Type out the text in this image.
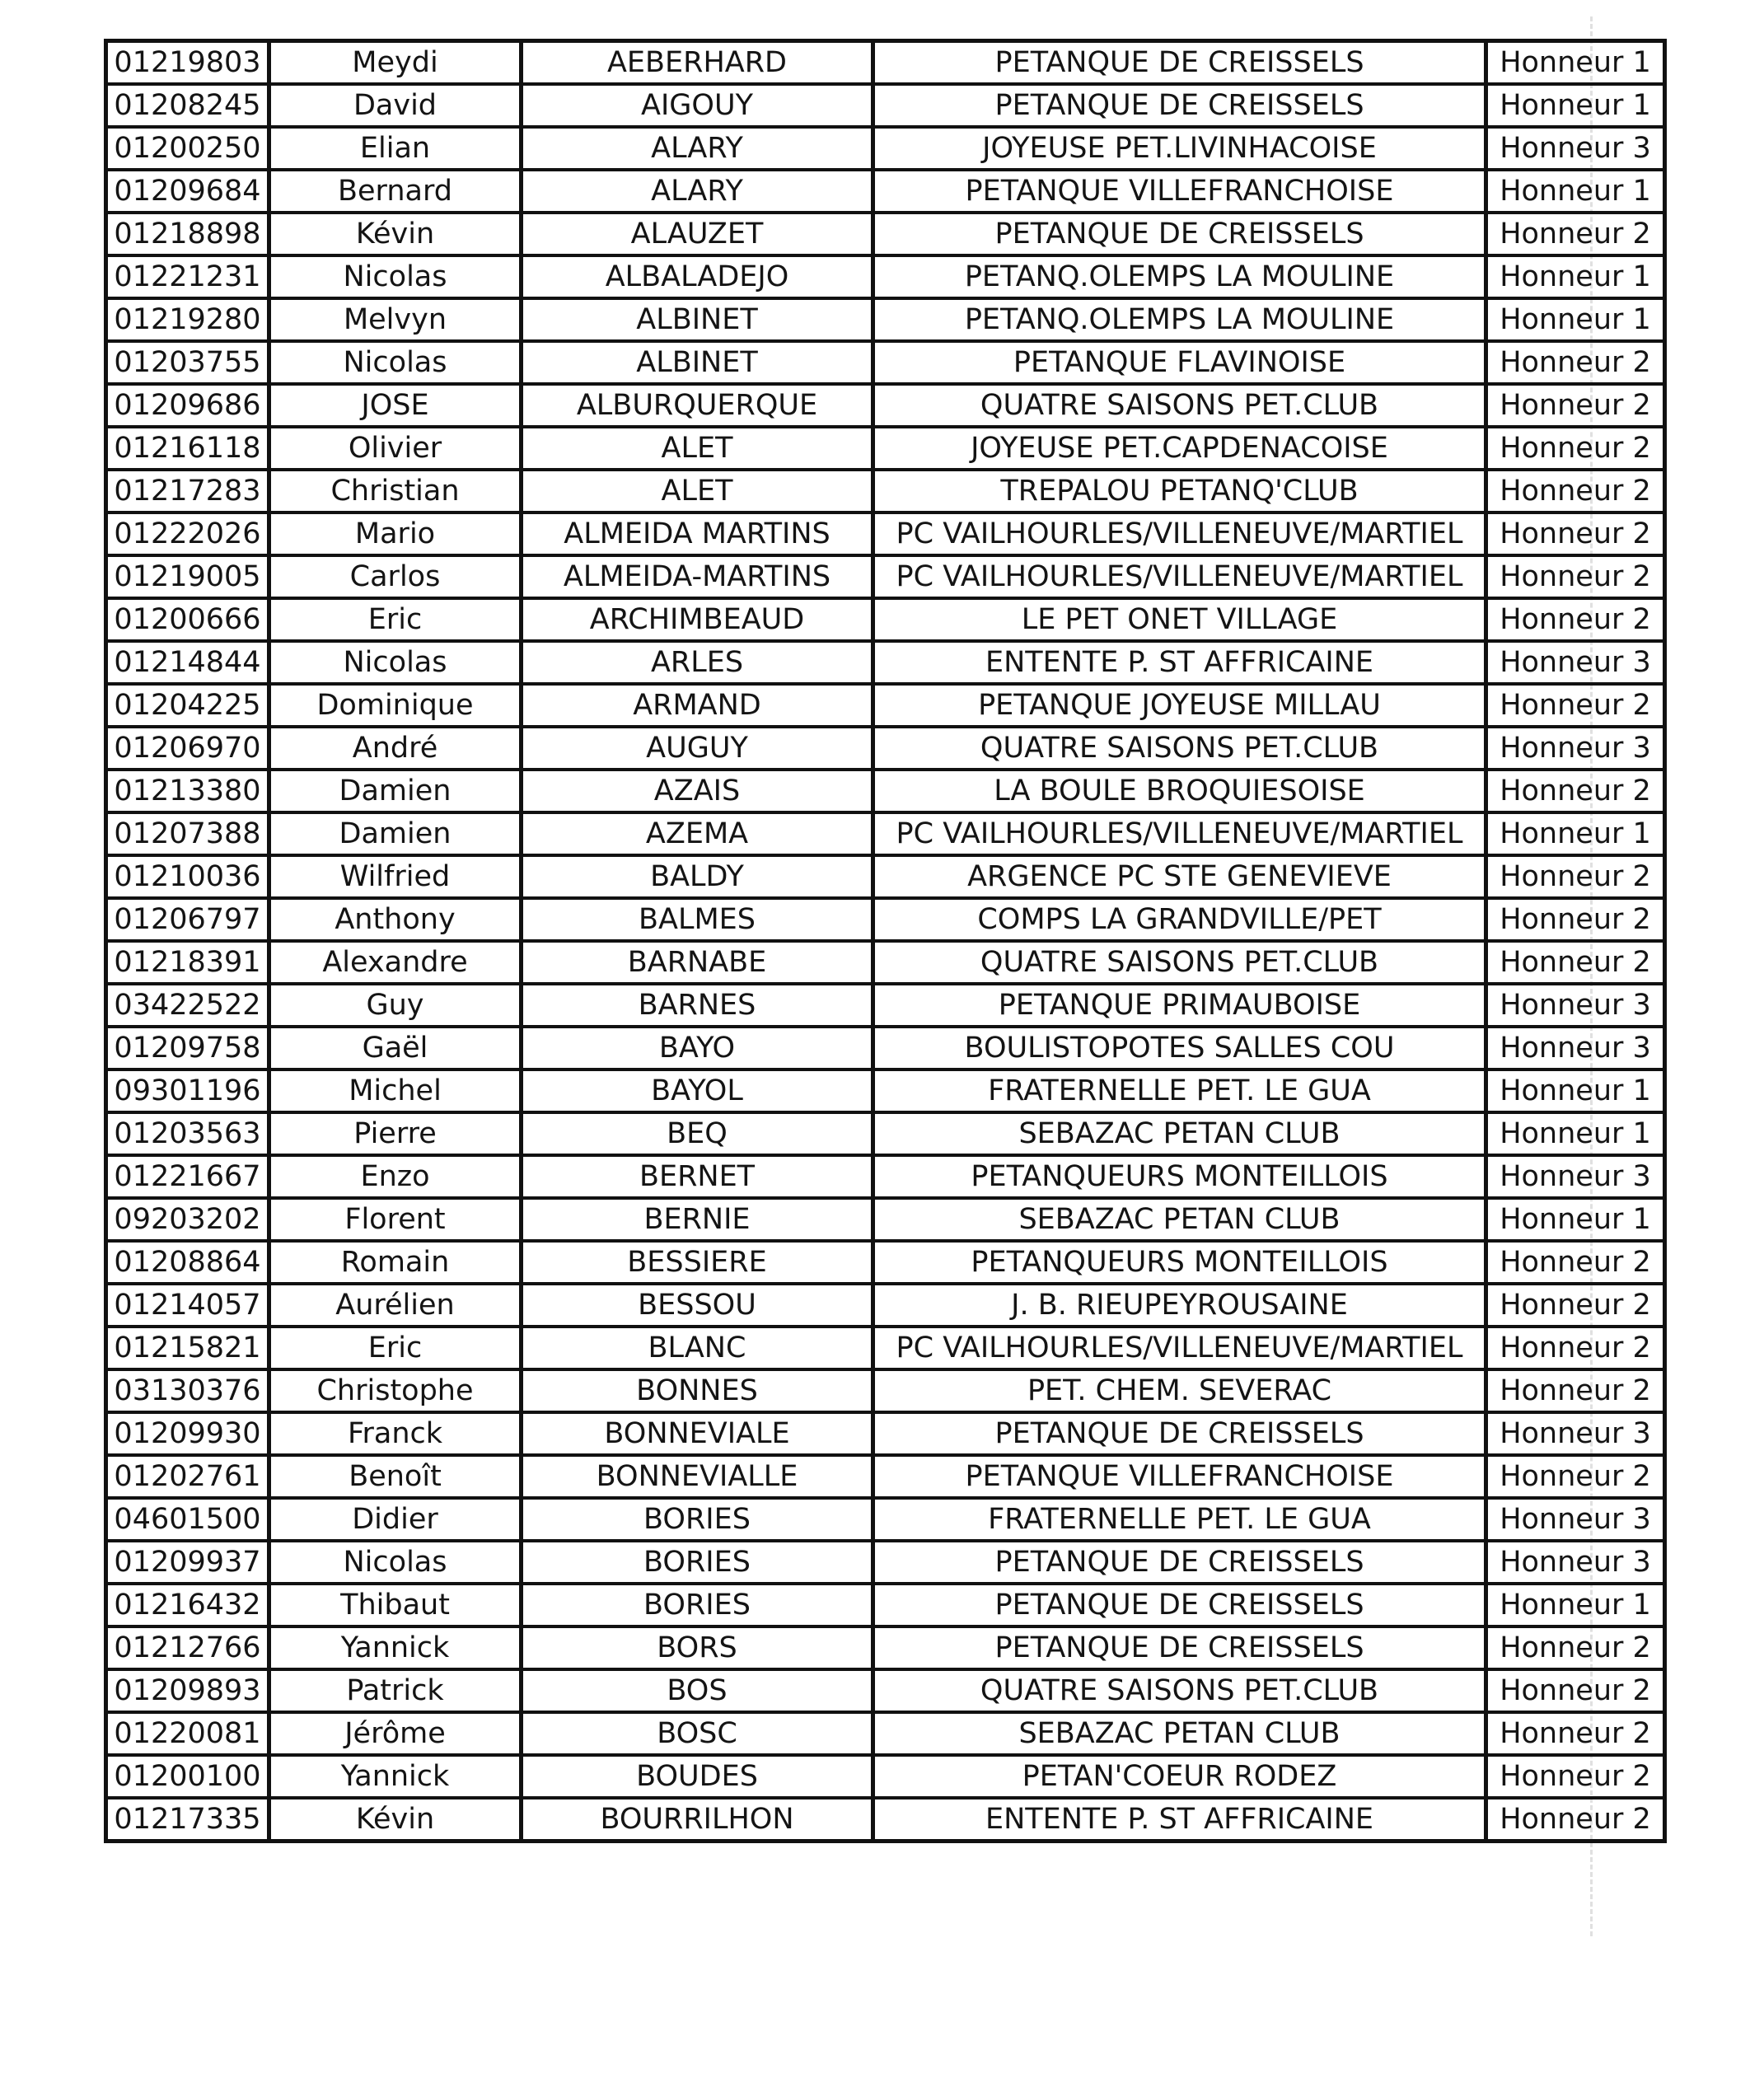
01219803	Meydi	AEBERHARD	PETANQUE DE CREISSELS	Honneur 1
01208245	David	AIGOUY	PETANQUE DE CREISSELS	Honneur 1
01200250	Elian	ALARY	JOYEUSE PET.LIVINHACOISE	Honneur 3
01209684	Bernard	ALARY	PETANQUE VILLEFRANCHOISE	Honneur 1
01218898	Kévin	ALAUZET	PETANQUE DE CREISSELS	Honneur 2
01221231	Nicolas	ALBALADEJO	PETANQ.OLEMPS LA MOULINE	Honneur 1
01219280	Melvyn	ALBINET	PETANQ.OLEMPS LA MOULINE	Honneur 1
01203755	Nicolas	ALBINET	PETANQUE FLAVINOISE	Honneur 2
01209686	JOSE	ALBURQUERQUE	QUATRE SAISONS PET.CLUB	Honneur 2
01216118	Olivier	ALET	JOYEUSE PET.CAPDENACOISE	Honneur 2
01217283	Christian	ALET	TREPALOU PETANQ'CLUB	Honneur 2
01222026	Mario	ALMEIDA MARTINS	PC VAILHOURLES/VILLENEUVE/MARTIEL	Honneur 2
01219005	Carlos	ALMEIDA-MARTINS	PC VAILHOURLES/VILLENEUVE/MARTIEL	Honneur 2
01200666	Eric	ARCHIMBEAUD	LE PET ONET VILLAGE	Honneur 2
01214844	Nicolas	ARLES	ENTENTE P. ST AFFRICAINE	Honneur 3
01204225	Dominique	ARMAND	PETANQUE JOYEUSE MILLAU	Honneur 2
01206970	André	AUGUY	QUATRE SAISONS PET.CLUB	Honneur 3
01213380	Damien	AZAIS	LA BOULE BROQUIESOISE	Honneur 2
01207388	Damien	AZEMA	PC VAILHOURLES/VILLENEUVE/MARTIEL	Honneur 1
01210036	Wilfried	BALDY	ARGENCE PC STE GENEVIEVE	Honneur 2
01206797	Anthony	BALMES	COMPS LA GRANDVILLE/PET	Honneur 2
01218391	Alexandre	BARNABE	QUATRE SAISONS PET.CLUB	Honneur 2
03422522	Guy	BARNES	PETANQUE PRIMAUBOISE	Honneur 3
01209758	Gaël	BAYO	BOULISTOPOTES SALLES COU	Honneur 3
09301196	Michel	BAYOL	FRATERNELLE PET. LE GUA	Honneur 1
01203563	Pierre	BEQ	SEBAZAC PETAN CLUB	Honneur 1
01221667	Enzo	BERNET	PETANQUEURS MONTEILLOIS	Honneur 3
09203202	Florent	BERNIE	SEBAZAC PETAN CLUB	Honneur 1
01208864	Romain	BESSIERE	PETANQUEURS MONTEILLOIS	Honneur 2
01214057	Aurélien	BESSOU	J. B. RIEUPEYROUSAINE	Honneur 2
01215821	Eric	BLANC	PC VAILHOURLES/VILLENEUVE/MARTIEL	Honneur 2
03130376	Christophe	BONNES	PET. CHEM. SEVERAC	Honneur 2
01209930	Franck	BONNEVIALE	PETANQUE DE CREISSELS	Honneur 3
01202761	Benoît	BONNEVIALLE	PETANQUE VILLEFRANCHOISE	Honneur 2
04601500	Didier	BORIES	FRATERNELLE PET. LE GUA	Honneur 3
01209937	Nicolas	BORIES	PETANQUE DE CREISSELS	Honneur 3
01216432	Thibaut	BORIES	PETANQUE DE CREISSELS	Honneur 1
01212766	Yannick	BORS	PETANQUE DE CREISSELS	Honneur 2
01209893	Patrick	BOS	QUATRE SAISONS PET.CLUB	Honneur 2
01220081	Jérôme	BOSC	SEBAZAC PETAN CLUB	Honneur 2
01200100	Yannick	BOUDES	PETAN'COEUR RODEZ	Honneur 2
01217335	Kévin	BOURRILHON	ENTENTE P. ST AFFRICAINE	Honneur 2
